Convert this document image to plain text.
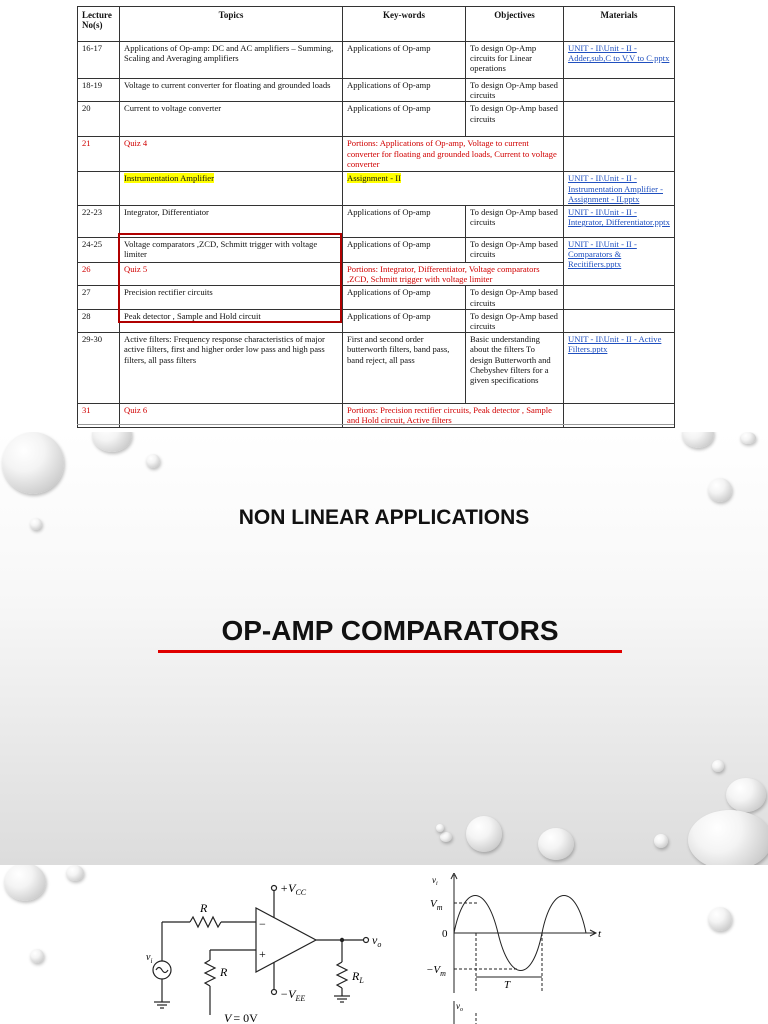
Lecture No(s)	Topics	Key-words	Objectives	Materials
16-17	Applications of Op-amp: DC and AC amplifiers – Summing, Scaling and Averaging amplifiers	Applications of Op-amp	To design Op-Amp circuits for Linear operations	UNIT - II\Unit - II - Adder,sub,C to V,V to C.pptx
18-19	Voltage to current converter for floating and grounded loads	Applications of Op-amp	To design Op-Amp based circuits	
20	Current to voltage converter	Applications of Op-amp	To design Op-Amp based circuits	
21	Quiz 4	Portions: Applications of Op-amp, Voltage to current converter for floating and grounded loads, Current to voltage converter		
	Instrumentation Amplifier	Assignment - II		UNIT - II\Unit - II - Instrumentation Amplifier - Assignment - II.pptx
22-23	Integrator, Differentiator	Applications of Op-amp	To design Op-Amp based circuits	UNIT - II\Unit - II - Integrator, Differentiator.pptx
24-25	Voltage comparators ,ZCD, Schmitt trigger with voltage limiter	Applications of Op-amp	To design Op-Amp based circuits	UNIT - II\Unit - II - Comparators & Recitifiers.pptx
26	Quiz 5	Portions: Integrator, Differentiator, Voltage comparators ,ZCD, Schmitt trigger with voltage limiter		
27	Precision rectifier circuits	Applications of Op-amp	To design Op-Amp based circuits	
28	Peak detector , Sample and Hold circuit	Applications of Op-amp	To design Op-Amp based circuits	
29-30	Active filters: Frequency response characteristics of major active filters, first and higher order low pass and high pass filters, all pass filters	First and second order butterworth filters, band pass, band reject, all pass	Basic understanding about the filters To design Butterworth and Chebyshev filters for a given specifications	UNIT - II\Unit - II - Active Filters.pptx
31	Quiz 6	Portions: Precision rectifier circuits, Peak detector , Sample and Hold circuit, Active filters		
NON LINEAR APPLICATIONS
OP-AMP COMPARATORS
R
R
−
+
$+V_{CC}$
$-V_{EE}$
$R_L$
$v_o$
$v_i$
V = 0V
$v_i$
$V_m$
0	t
$-V_m$
T
$v_o$
